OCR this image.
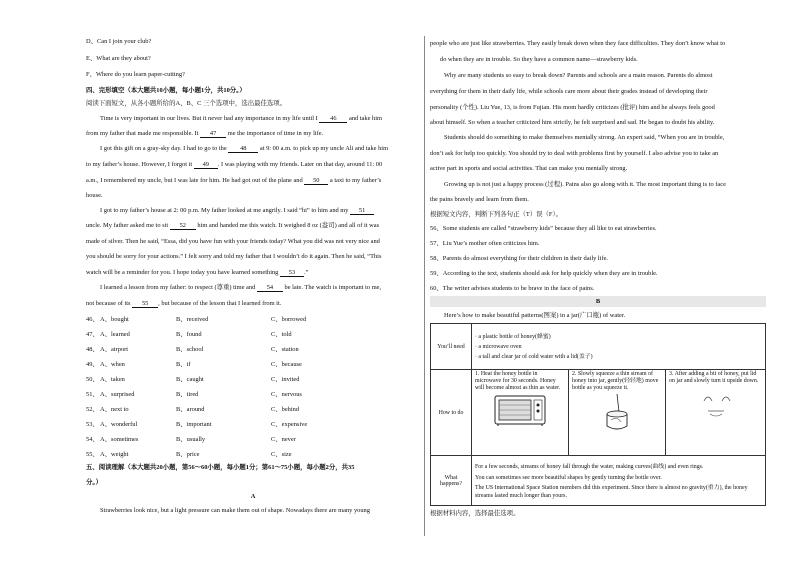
D、Can I join your club?
E、What are they about?
F、Where do you learn paper-cutting?
四、完形填空（本大题共10小题，每小题1分，共10分。）
阅读下面短文，从各小题所给的A、B、C 三个选项中，选出最佳选项。
Time is very important in our lives. But it never had any importance in my life until I 46 and take him
from my father that made me responsible. It 47 me the importance of time in my life.
I got this gift on a gray-sky day. I had to go to the 48 at 9: 00 a.m. to pick up my uncle Ali and take him
to my father’s house. However, I forgot it 49 . I was playing with my friends. Later on that day, around 11: 00
a.m., I remembered my uncle, but I was late for him. He had got out of the plane and 50 a taxi to my father’s
house.
I got to my father’s house at 2: 00 p.m. My father looked at me angrily. I said “hi” to him and my 51
uncle. My father asked me to sit 52 him and handed me this watch. It weighed 8 oz (盎司) and all of it was
made of silver. Then he said, “Essa, did you have fun with your friends today? What you did was not very nice and
you should be sorry for your actions.” I felt sorry and told my father that I wouldn’t do it again. Then he said, “This
watch will be a reminder for you. I hope today you have learned something 53 .”
I learned a lesson from my father: to respect (尊重) time and 54 be late. The watch is important to me,
not because of its 55 , but because of the lesson that I learned from it.
46、 A、bought	B、received	C、borrowed
47、 A、learned	B、found	C、told
48、 A、airport	B、school	C、station
49、 A、when	B、if	C、because
50、 A、taken	B、caught	C、invited
51、 A、surprised	B、tired	C、nervous
52、 A、next to	B、around	C、behind
53、 A、wonderful	B、important	C、expensive
54、 A、sometimes	B、usually	C、never
55、 A、weight	B、price	C、size
五、阅读理解（本大题共20小题，第56～60小题，每小题1分；第61～75小题，每小题2分，共35
分。）
A
Strawberries look nice, but a light pressure can make them out of shape. Nowadays there are many young
people who are just like strawberries. They easily break down when they face difficulties. They don’t know what to
do when they are in trouble. So they have a common name—strawberry kids.
Why are many students so easy to break down? Parents and schools are a main reason. Parents do almost
everything for them in their daily life, while schools care more about their grades instead of developing their
personality (个性). Liu Yue, 13, is from Fujian. His mom hardly criticizes (批评) him and he always feels good
about himself. So when a teacher criticized him strictly, he felt surprised and sad. He began to doubt his ability.
Students should do something to make themselves mentally strong. An expert said, “When you are in trouble,
don’t ask for help too quickly. You should try to deal with problems first by yourself. I also advise you to take an
active part in sports and social activities. That can make you mentally strong.
Growing up is not just a happy process (过程). Pains also go along with it. The most important thing is to face
the pains bravely and learn from them.
根据短文内容，判断下列各句正（T）误（F）。
56、Some students are called “strawberry kids” because they all like to eat strawberries.
57、Liu Yue’s mother often criticizes him.
58、Parents do almost everything for their children in their daily life.
59、According to the text, students should ask for help quickly when they are in trouble.
60、The writer advises students to be brave in the face of pains.
B
Here’s how to make beautiful patterns(图案) in a jar(广口瓶) of water.
You’ll need	· a plastic bottle of honey(蜂蜜)
· a microwave oven
· a tall and clear jar of cold water with a lid(盖子)		

How to do	1. Heat the honey bottle in microwave for 30 seconds. Honey will become almost as thin as water.	2. Slowly squeeze a thin stream of honey into jar, gently(轻轻地) move bottle as you squeeze it.	3. After adding a bit of honey, put lid on jar and slowly turn it upside down.

What happens?	For a few seconds, streams of honey fall through the water, making curves(曲线) and even rings.
You can sometimes see more beautiful shapes by gently turning the bottle over.
The US International Space Station members did this experiment. Since there is almost no gravity(重力), the honey streams lasted much longer than yours.		
根据材料内容，选择最佳选项。
